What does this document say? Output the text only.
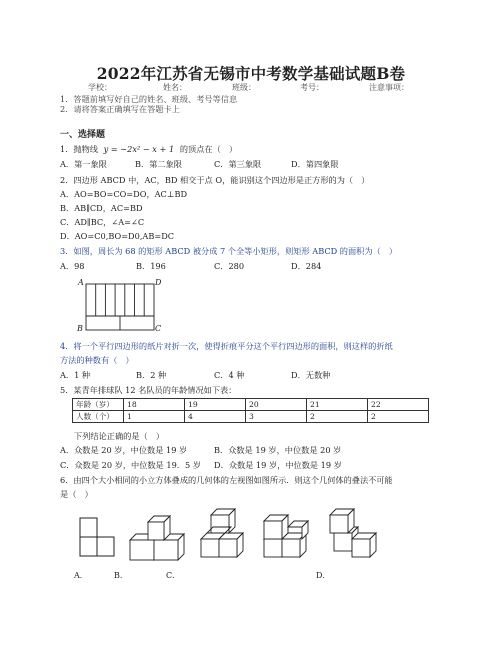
2022年江苏省无锡市中考数学基础试题B卷
学校：	姓名：	班级：	考号：	注意事项：
1．答题前填写好自己的姓名、班级、考号等信息
2．请将答案正确填写在答题卡上
一、选择题
1．抛物线 y = −2x² − x + 1 的顶点在（　）
A．第一象限	B．第二象限	C．第三象限	D．第四象限
2．四边形 ABCD 中，AC，BD 相交于点 O，能识别这个四边形是正方形的为（　）
A．AO=BO=CO=DO，AC⊥BD
B．AB∥CD，AC=BD
C．AD∥BC，∠A=∠C
D．AO=C0,BO=D0,AB=DC
3．如图，周长为 68 的矩形 ABCD 被分成 7 个全等小矩形，则矩形 ABCD 的面积为（　）
A．98	B．196	C．280	D．284
A	D
B	C
4．将一个平行四边形的纸片对折一次，使得折痕平分这个平行四边形的面积，则这样的折纸
方法的种数有（　）
A．1 种	B．2 种	C．4 种	D．无数种
5．某青年排球队 12 名队员的年龄情况如下表：
年龄（岁）	18	19	20	21	22
人数（个）	1	4	3	2	2
下列结论正确的是（　）
A．众数是 20 岁，中位数是 19 岁	B．众数是 19 岁，中位数是 20 岁
C．众数是 20 岁，中位数是 19．5 岁 D．众数是 19 岁，中位数是 19 岁
6．由四个大小相同的小立方体叠成的几何体的左视图如图所示．则这个几何体的叠法不可能
是（　）
A．	B．	C．	D．
